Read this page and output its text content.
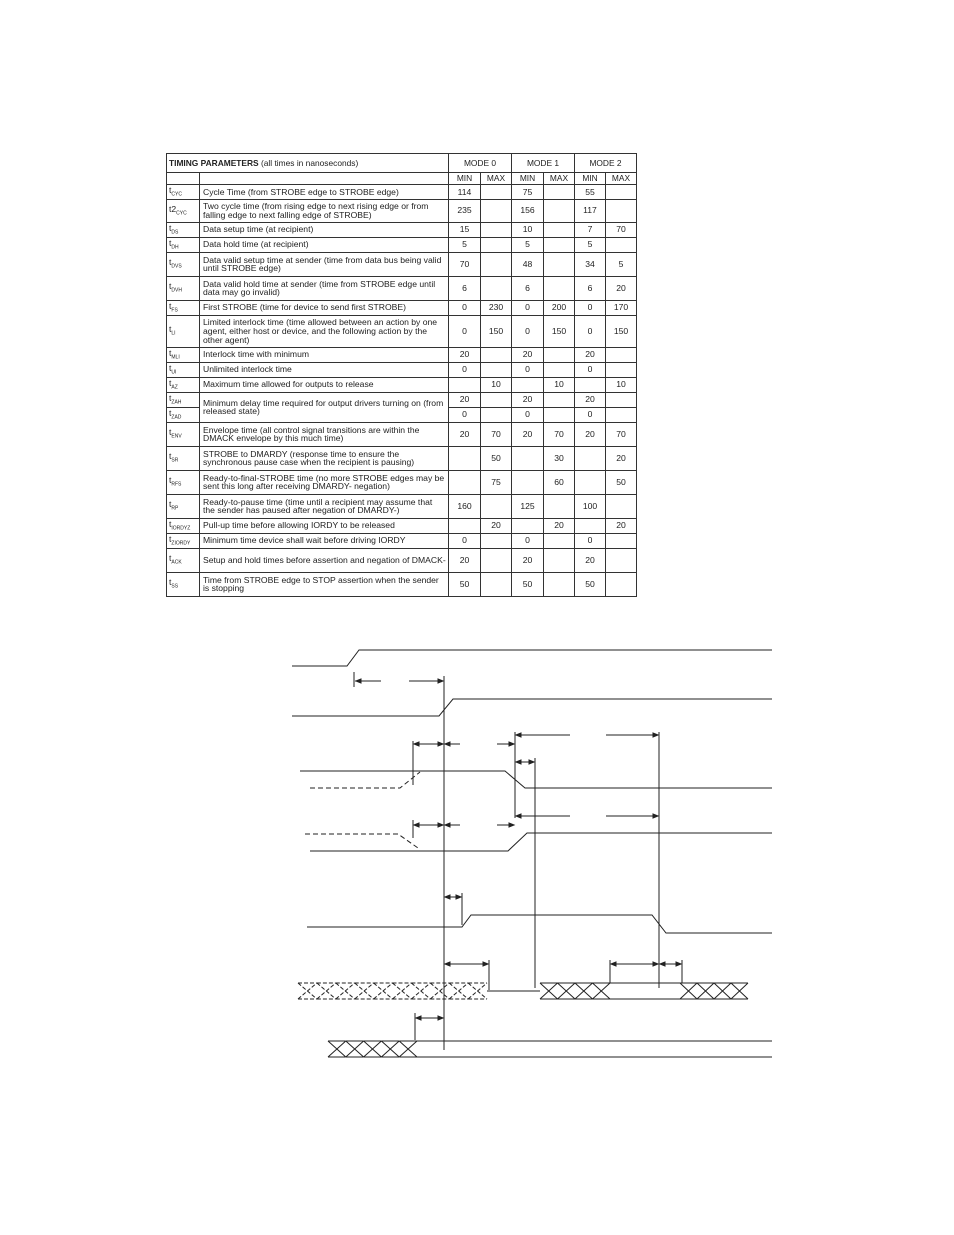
TIMING PARAMETERS (all times in nanoseconds)		MODE 0		MODE 1		MODE 2	
		MIN	MAX	MIN	MAX	MIN	MAX
$t_{CYC}$	Cycle Time (from STROBE edge to STROBE edge)	114		75		55	
$t2_{CYC}$	Two cycle time (from rising edge to next rising edge or from falling edge to next falling edge of STROBE)	235		156		117	
$t_{DS}$	Data setup time (at recipient)	15		10		7	70
$t_{DH}$	Data hold time (at recipient)	5		5		5	
$t_{DVS}$	Data valid setup time at sender (time from data bus being valid until STROBE edge)	70		48		34	5
$t_{DVH}$	Data valid hold time at sender (time from STROBE edge until data may go invalid)	6		6		6	20
$t_{FS}$	First STROBE (time for device to send first STROBE)	0	230	0	200	0	170
$t_{LI}$	Limited interlock time (time allowed between an action by one agent, either host or device, and the following action by the other agent)	0	150	0	150	0	150
$t_{MLI}$	Interlock time with minimum	20		20		20	
$t_{UI}$	Unlimited interlock time	0		0		0	
$t_{AZ}$	Maximum time allowed for outputs to release		10		10		10
$t_{ZAH}$	Minimum delay time required for output drivers turning on (from released state)	20		20		20	
$t_{ZAD}$		0		0		0	
$t_{ENV}$	Envelope time (all control signal transitions are within the DMACK envelope by this much time)	20	70	20	70	20	70
$t_{SR}$	STROBE to DMARDY (response time to ensure the synchronous pause case when the recipient is pausing)		50		30		20
$t_{RFS}$	Ready-to-final-STROBE time (no more STROBE edges may be sent this long after receiving DMARDY- negation)		75		60		50
$t_{RP}$	Ready-to-pause time (time until a recipient may assume that the sender has paused after negation of DMARDY-)	160		125		100	
$t_{IORDYZ}$	Pull-up time before allowing IORDY to be released		20		20		20
$t_{ZIORDY}$	Minimum time device shall wait before driving IORDY	0		0		0	
$t_{ACK}$	Setup and hold times before assertion and negation of DMACK-	20		20		20	
$t_{SS}$	Time from STROBE edge to STOP assertion when the sender is stopping	50		50		50	
